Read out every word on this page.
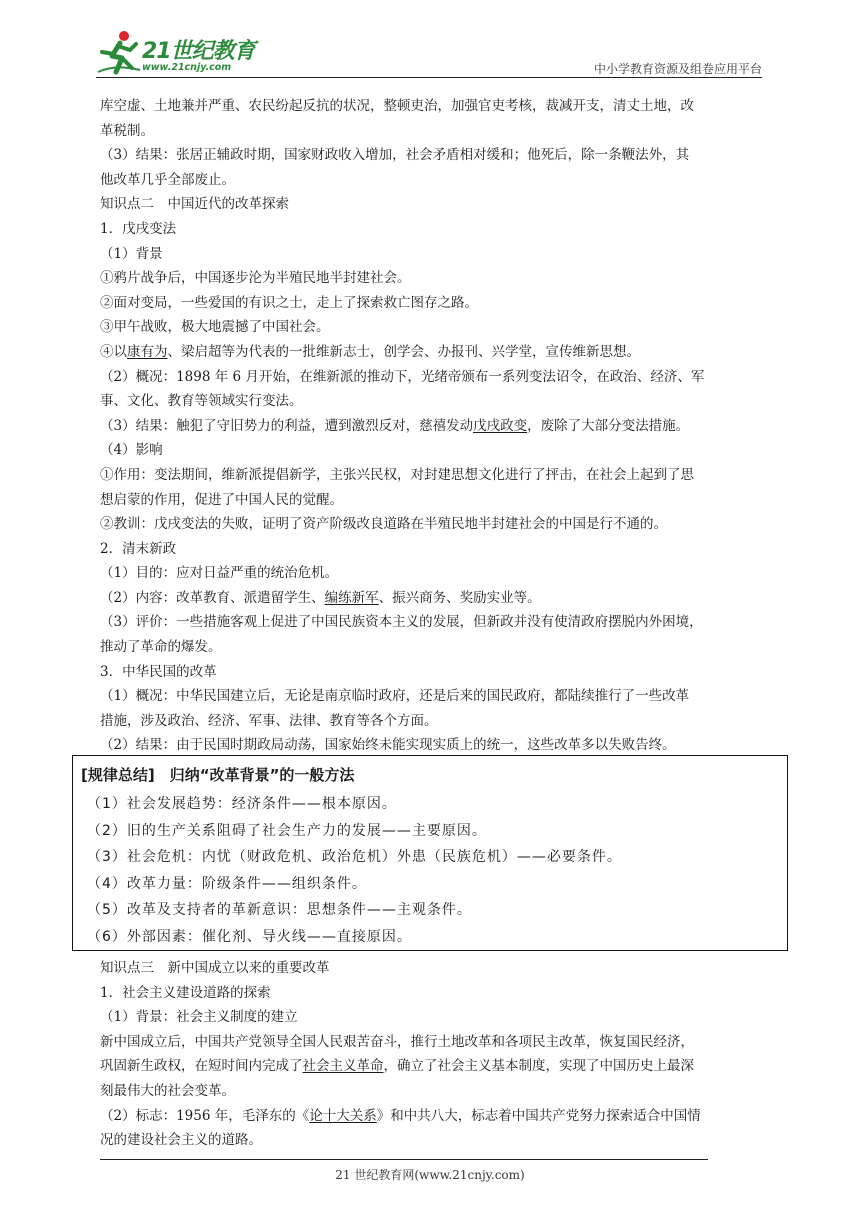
21世纪教育
www.21cnjy.com	中小学教育资源及组卷应用平台

库空虚、土地兼并严重、农民纷起反抗的状况，整顿吏治，加强官吏考核，裁减开支，清丈土地，改

革税制。

（3）结果：张居正辅政时期，国家财政收入增加，社会矛盾相对缓和；他死后，除一条鞭法外，其

他改革几乎全部废止。

知识点二　中国近代的改革探索

1．戊戌变法

（1）背景

①鸦片战争后，中国逐步沦为半殖民地半封建社会。

②面对变局，一些爱国的有识之士，走上了探索救亡图存之路。

③甲午战败，极大地震撼了中国社会。

④以康有为、梁启超等为代表的一批维新志士，创学会、办报刊、兴学堂，宣传维新思想。

（2）概况：1898 年 6 月开始，在维新派的推动下，光绪帝颁布一系列变法诏令，在政治、经济、军

事、文化、教育等领域实行变法。

（3）结果：触犯了守旧势力的利益，遭到激烈反对，慈禧发动戊戌政变，废除了大部分变法措施。

（4）影响

①作用：变法期间，维新派提倡新学，主张兴民权，对封建思想文化进行了抨击，在社会上起到了思

想启蒙的作用，促进了中国人民的觉醒。

②教训：戊戌变法的失败，证明了资产阶级改良道路在半殖民地半封建社会的中国是行不通的。

2．清末新政

（1）目的：应对日益严重的统治危机。

（2）内容：改革教育、派遣留学生、编练新军、振兴商务、奖励实业等。

（3）评价：一些措施客观上促进了中国民族资本主义的发展，但新政并没有使清政府摆脱内外困境，

推动了革命的爆发。

3．中华民国的改革

（1）概况：中华民国建立后，无论是南京临时政府，还是后来的国民政府，都陆续推行了一些改革

措施，涉及政治、经济、军事、法律、教育等各个方面。

（2）结果：由于民国时期政局动荡，国家始终未能实现实质上的统一，这些改革多以失败告终。

[规律总结]　归纳“改革背景”的一般方法

（1）社会发展趋势：经济条件——根本原因。

（2）旧的生产关系阻碍了社会生产力的发展——主要原因。

（3）社会危机：内忧（财政危机、政治危机）外患（民族危机）——必要条件。

（4）改革力量：阶级条件——组织条件。

（5）改革及支持者的革新意识：思想条件——主观条件。

（6）外部因素：催化剂、导火线——直接原因。

知识点三　新中国成立以来的重要改革

1．社会主义建设道路的探索

（1）背景：社会主义制度的建立

新中国成立后，中国共产党领导全国人民艰苦奋斗，推行土地改革和各项民主改革，恢复国民经济，

巩固新生政权，在短时间内完成了社会主义革命，确立了社会主义基本制度，实现了中国历史上最深

刻最伟大的社会变革。

（2）标志：1956 年，毛泽东的《论十大关系》和中共八大，标志着中国共产党努力探索适合中国情

况的建设社会主义的道路。

21 世纪教育网(www.21cnjy.com)
